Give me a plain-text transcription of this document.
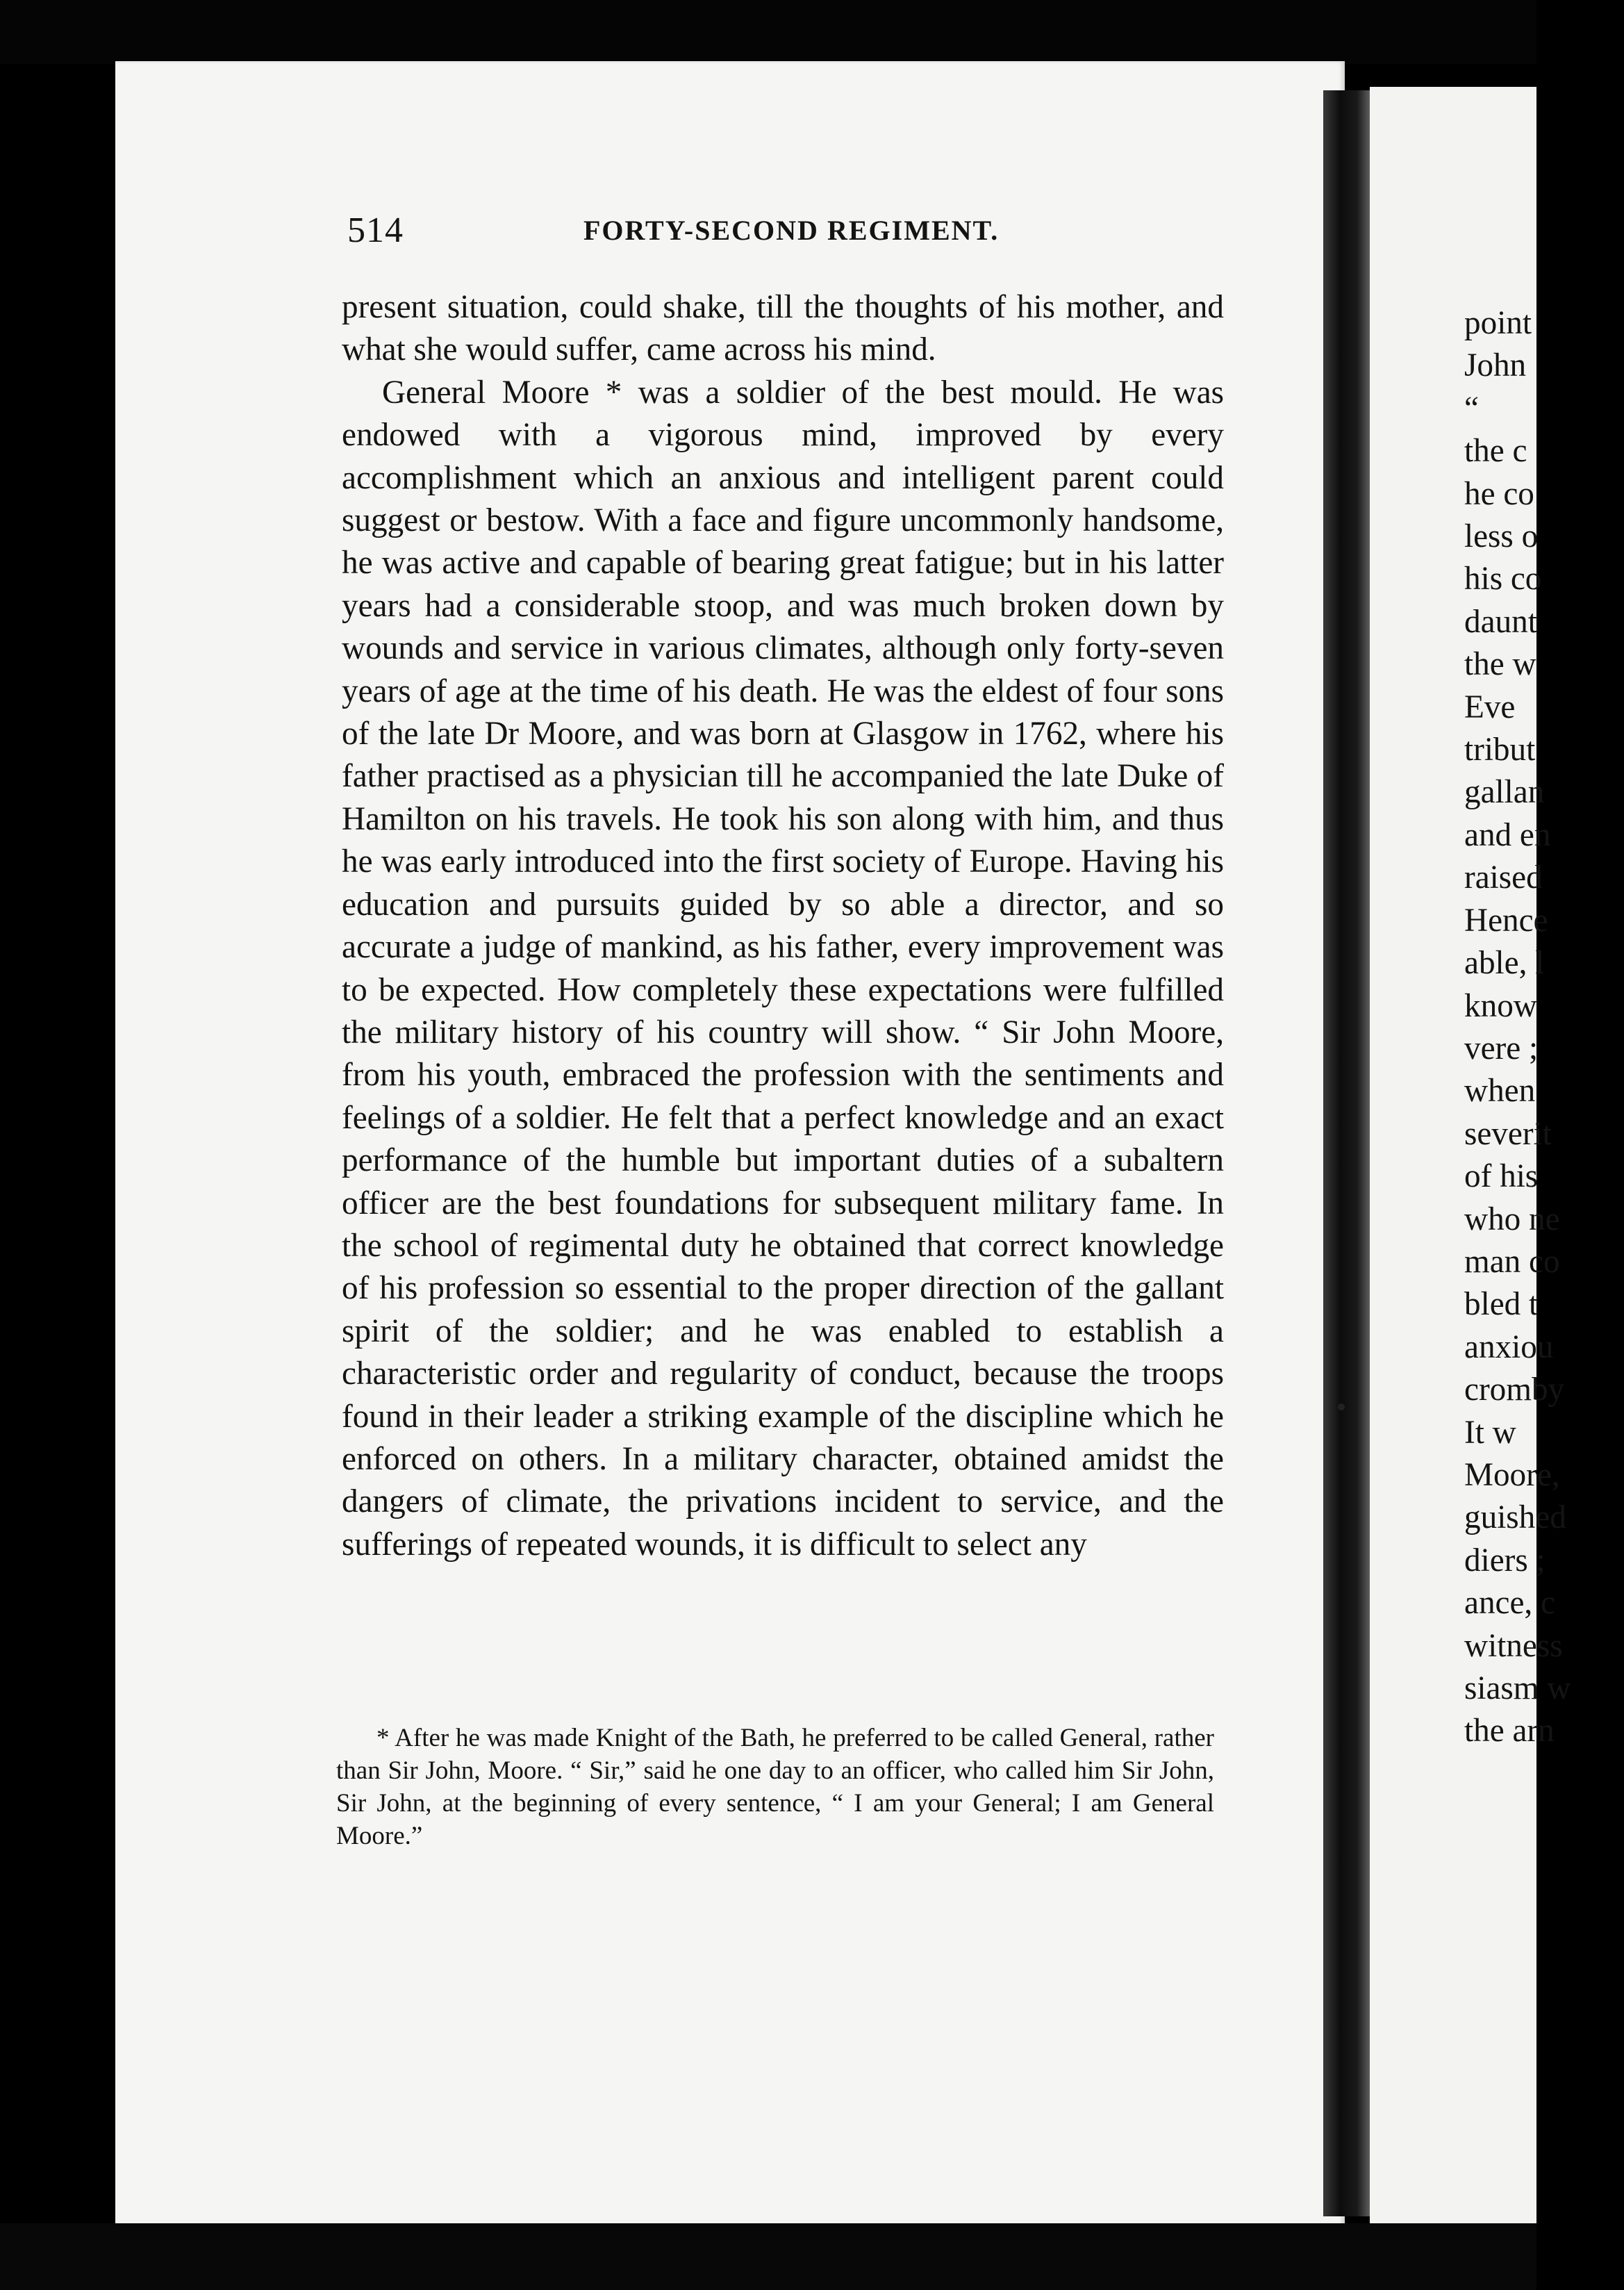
514	FORTY-SECOND REGIMENT.

present situation, could shake, till the thoughts of his mother, and what she would suffer, came across his mind.

General Moore * was a soldier of the best mould. He was endowed with a vigorous mind, improved by every accomplishment which an anxious and intelligent parent could suggest or bestow. With a face and figure uncommonly handsome, he was active and capable of bearing great fatigue; but in his latter years had a considerable stoop, and was much broken down by wounds and service in various climates, although only forty-seven years of age at the time of his death. He was the eldest of four sons of the late Dr Moore, and was born at Glasgow in 1762, where his father practised as a physician till he accompanied the late Duke of Hamilton on his travels. He took his son along with him, and thus he was early introduced into the first society of Europe. Having his education and pursuits guided by so able a director, and so accurate a judge of mankind, as his father, every improvement was to be expected. How completely these expectations were fulfilled the military history of his country will show. “ Sir John Moore, from his youth, embraced the profession with the sentiments and feelings of a soldier. He felt that a perfect knowledge and an exact performance of the humble but important duties of a subaltern officer are the best foundations for subsequent military fame. In the school of regimental duty he obtained that correct knowledge of his profession so essential to the proper direction of the gallant spirit of the soldier; and he was enabled to establish a characteristic order and regularity of conduct, because the troops found in their leader a striking example of the discipline which he enforced on others. In a military character, obtained amidst the dangers of climate, the privations incident to service, and the sufferings of repeated wounds, it is difficult to select any

* After he was made Knight of the Bath, he preferred to be called General, rather than Sir John, Moore. “ Sir,” said he one day to an officer, who called him Sir John, Sir John, at the beginning of every sentence, “ I am your General; I am General Moore.”

point
John
“
the c
he co
less o
his co
daunt
the w
Eve
tribut
gallan
and en
raised
Hence
able, l
know
vere ;
when
severit
of his
who ne
man co
bled t
anxiou
cromby
It w
Moore,
guished
diers ;
ance, c
witness
siasm w
the arn
